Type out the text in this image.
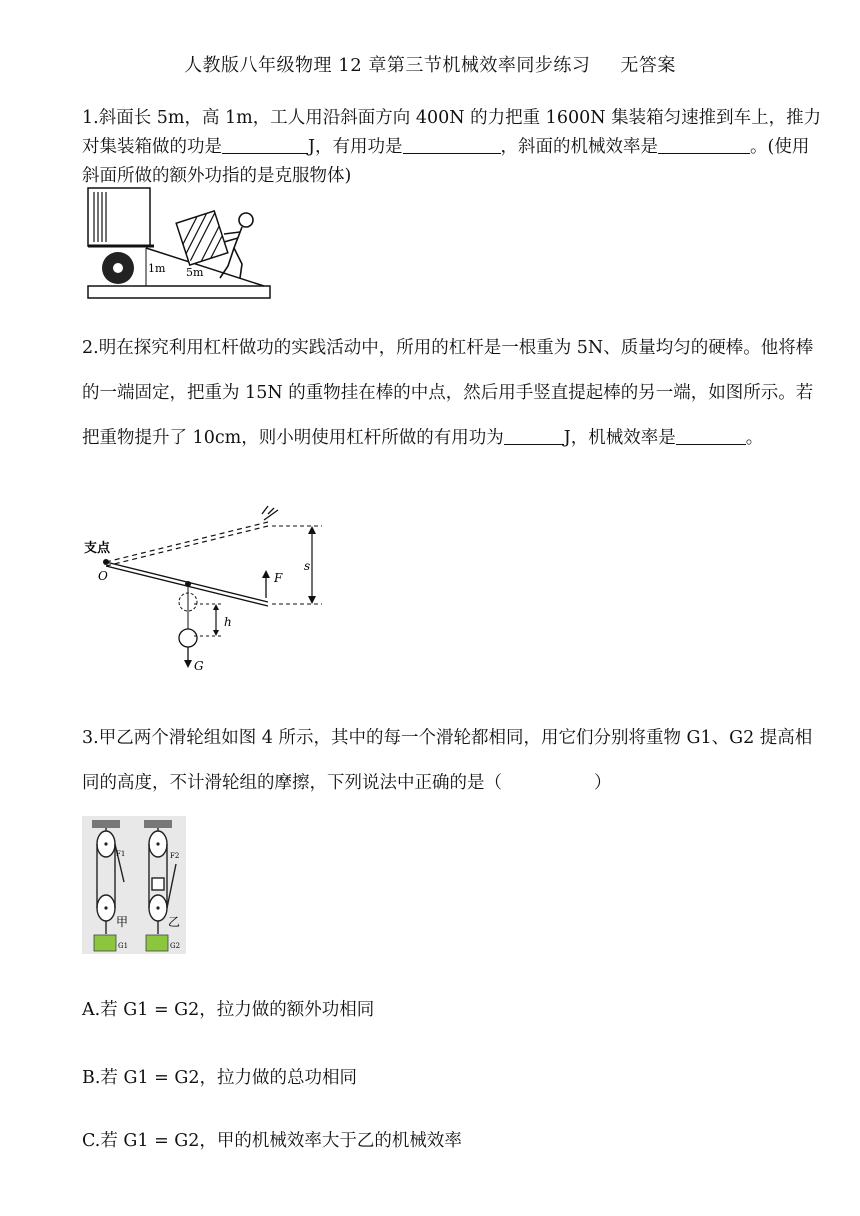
人教版八年级物理 12 章第三节机械效率同步练习 无答案
1.斜面长 5m，高 1m，工人用沿斜面方向 400N 的力把重 1600N 集装箱匀速推到车上，推力对集装箱做的功是	J，有用功是	，斜面的机械效率是	。(使用斜面所做的额外功指的是克服物体)
1m 5m
2.明在探究利用杠杆做功的实践活动中，所用的杠杆是一根重为 5N、质量均匀的硬棒。他将棒的一端固定，把重为 15N 的重物挂在棒的中点，然后用手竖直提起棒的另一端，如图所示。若把重物提升了 10cm，则小明使用杠杆所做的有用功为	J，机械效率是	。
支点
O	F
s
G
h
3.甲乙两个滑轮组如图 4 所示，其中的每一个滑轮都相同，用它们分别将重物 G1、G2 提高相同的高度，不计滑轮组的摩擦，下列说法中正确的是（	）
F1	F2
甲	乙
G1	G2
A.若 G1 = G2，拉力做的额外功相同
B.若 G1 = G2，拉力做的总功相同
C.若 G1 = G2，甲的机械效率大于乙的机械效率
